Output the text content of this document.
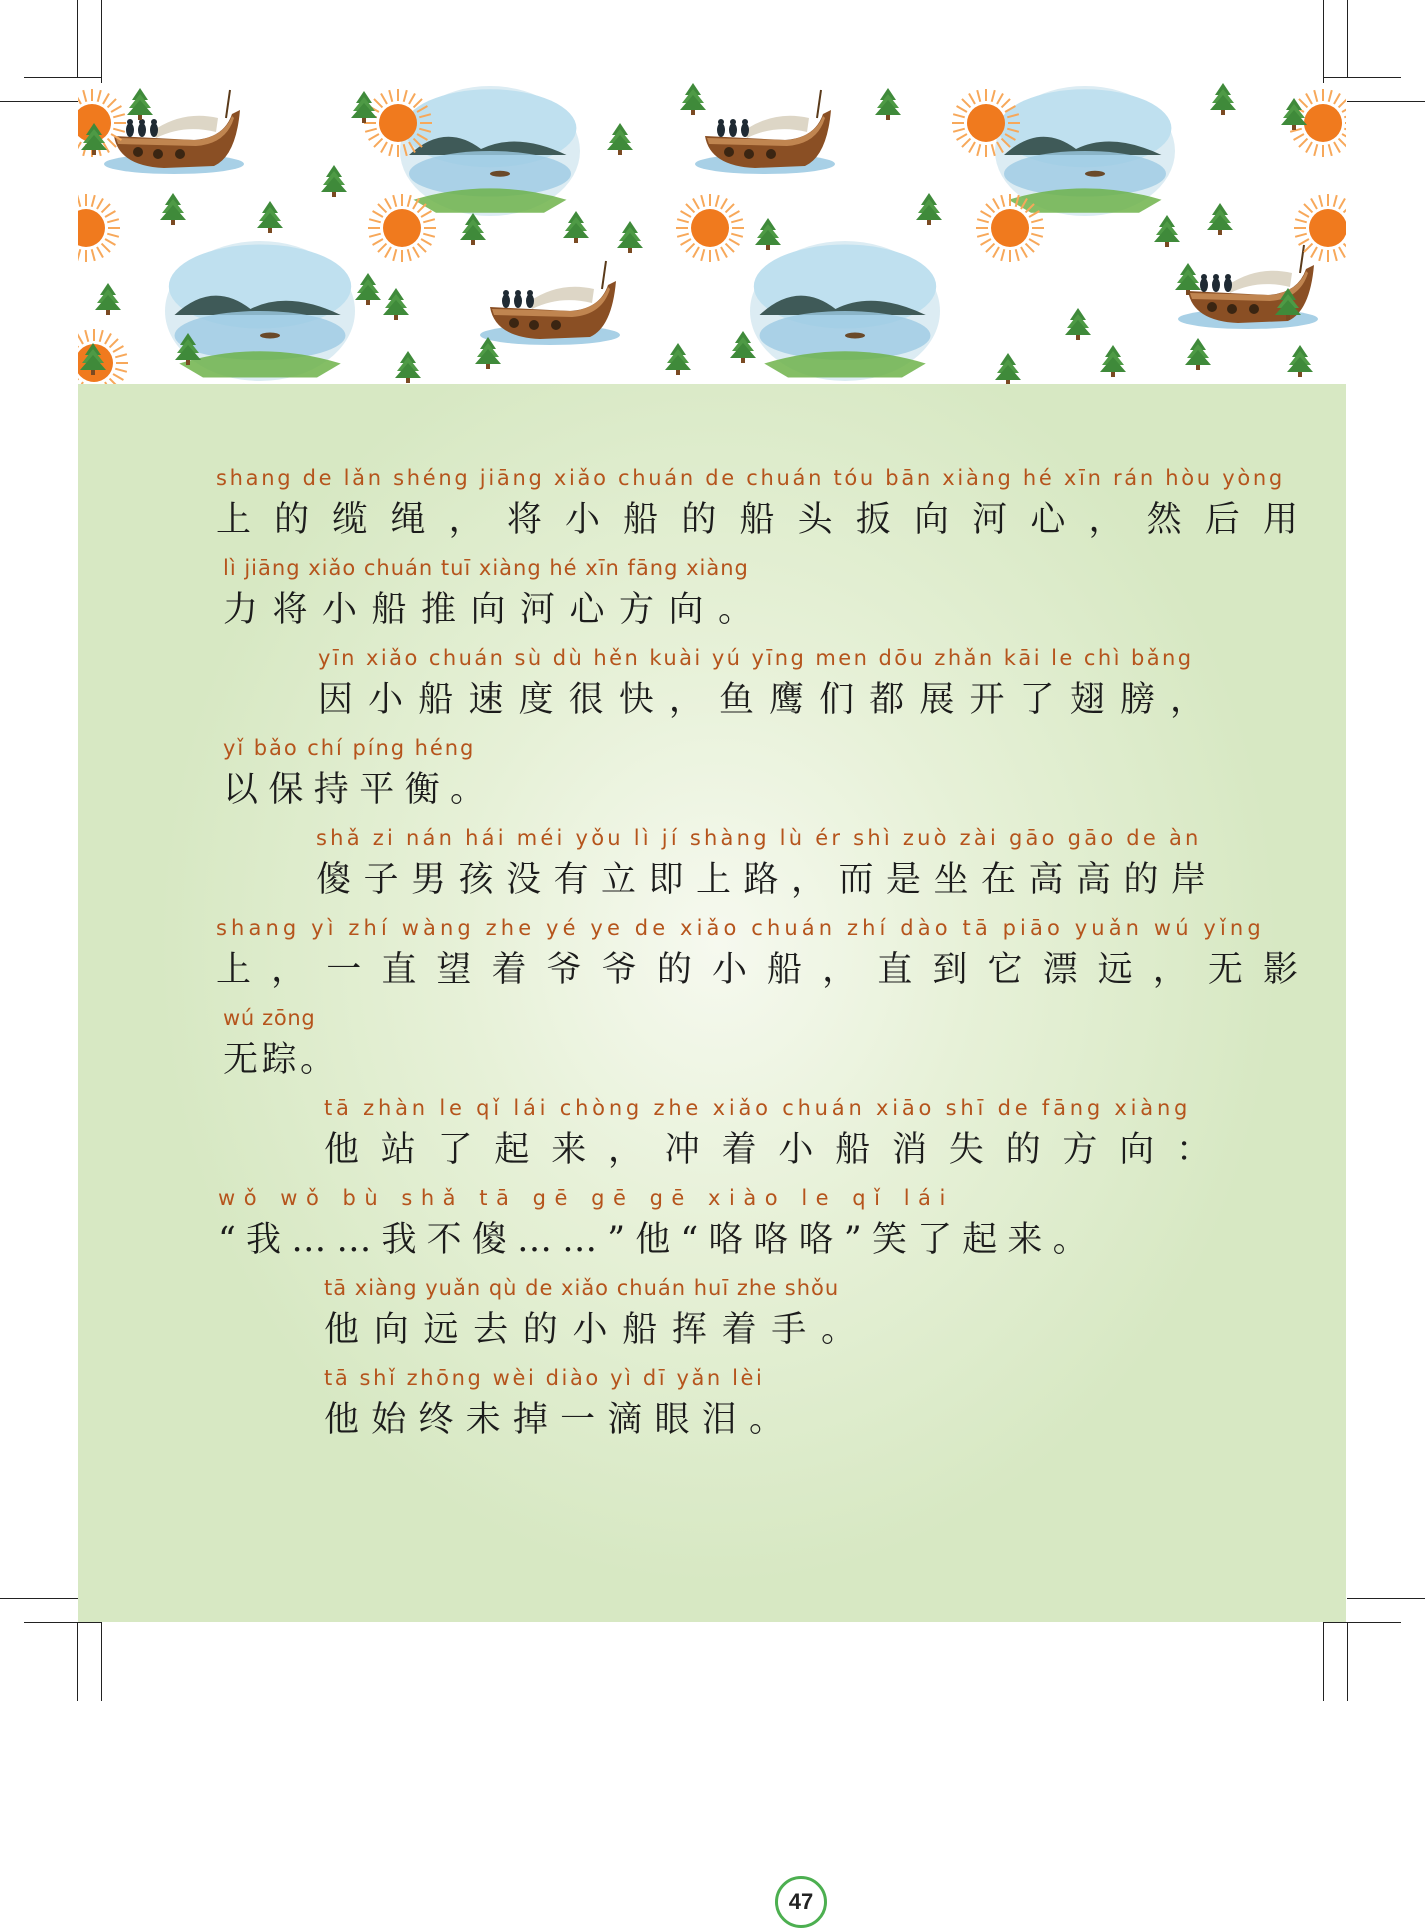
shang de lǎn shéng jiāng xiǎo chuán de chuán tóu bān xiàng hé xīn rán hòu yòng
上的缆绳，将小船的船头扳向河心，然后用
lì jiāng xiǎo chuán tuī xiàng hé xīn fāng xiàng
力将小船推向河心方向。
yīn xiǎo chuán sù dù hěn kuài yú yīng men dōu zhǎn kāi le chì bǎng
因小船速度很快，鱼鹰们都展开了翅膀，
yǐ bǎo chí píng héng
以保持平衡。
shǎ zi nán hái méi yǒu lì jí shàng lù ér shì zuò zài gāo gāo de àn
傻子男孩没有立即上路，而是坐在高高的岸
shang yì zhí wàng zhe yé ye de xiǎo chuán zhí dào tā piāo yuǎn wú yǐng
上，一直望着爷爷的小船，直到它漂远，无影
wú zōng
无踪。
tā zhàn le qǐ lái chòng zhe xiǎo chuán xiāo shī de fāng xiàng
他站了起来，冲着小船消失的方向：
wǒ wǒ bù shǎ tā gē gē gē xiào le qǐ lái
“我……我不傻……”他“咯咯咯”笑了起来。
tā xiàng yuǎn qù de xiǎo chuán huī zhe shǒu
他向远去的小船挥着手。
tā shǐ zhōng wèi diào yì dī yǎn lèi
他始终未掉一滴眼泪。
47
